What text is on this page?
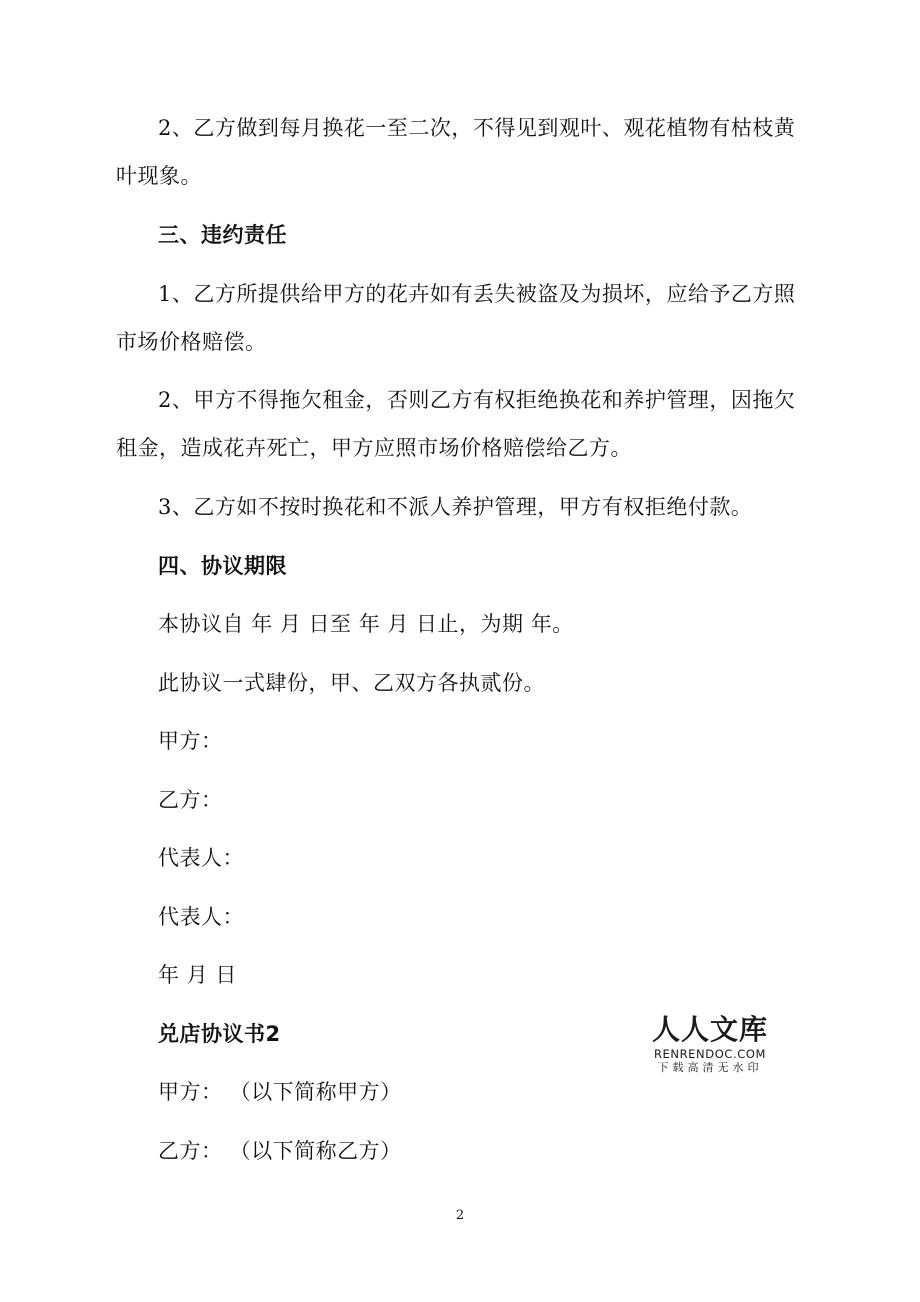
2、乙方做到每月换花一至二次，不得见到观叶、观花植物有枯枝黄
叶现象。
三、违约责任
1、乙方所提供给甲方的花卉如有丢失被盗及为损坏，应给予乙方照
市场价格赔偿。
2、甲方不得拖欠租金，否则乙方有权拒绝换花和养护管理，因拖欠
租金，造成花卉死亡，甲方应照市场价格赔偿给乙方。
3、乙方如不按时换花和不派人养护管理，甲方有权拒绝付款。
四、协议期限
本协议自 年 月 日至 年 月 日止，为期 年。
此协议一式肆份，甲、乙双方各执贰份。
甲方：
乙方：
代表人：
代表人：
年 月 日
兑店协议书2
甲方： （以下简称甲方）
乙方： （以下简称乙方）
人人文库
RENRENDOC.COM
下载高清无水印
2
